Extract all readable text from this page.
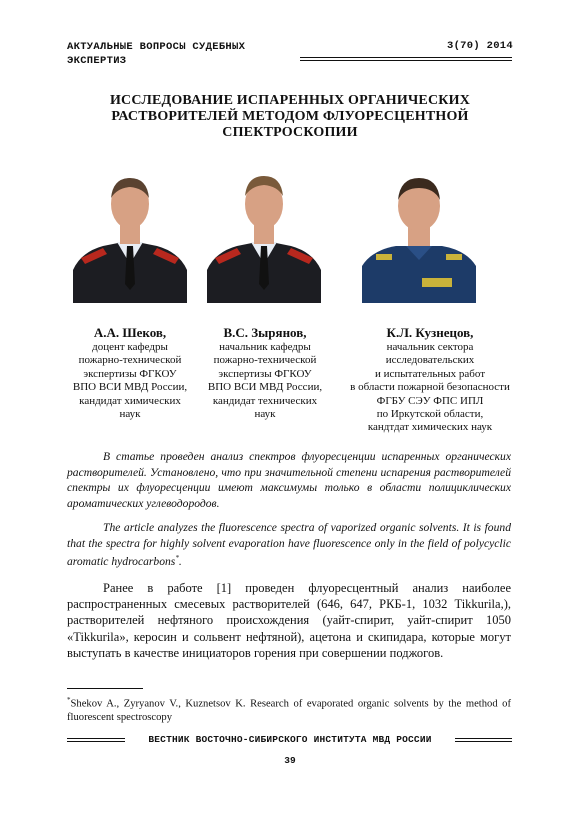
АКТУАЛЬНЫЕ ВОПРОСЫ СУДЕБНЫХ
ЭКСПЕРТИЗ
3(70) 2014
ИССЛЕДОВАНИЕ ИСПАРЕННЫХ ОРГАНИЧЕСКИХ
РАСТВОРИТЕЛЕЙ МЕТОДОМ ФЛУОРЕСЦЕНТНОЙ
СПЕКТРОСКОПИИ
А.А. Шеков,
доцент кафедры
пожарно-технической
экспертизы ФГКОУ
ВПО ВСИ МВД России,
кандидат химических
наук
В.С. Зырянов,
начальник кафедры
пожарно-технической
экспертизы ФГКОУ
ВПО ВСИ МВД России,
кандидат технических
наук
К.Л. Кузнецов,
начальник сектора
исследовательских
и испытательных работ
в области пожарной безопасности
ФГБУ СЭУ ФПС ИПЛ
по Иркутской области,
кандтдат химических наук
В статье проведен анализ спектров флуоресценции испаренных органических растворителей. Установлено, что при значительной степени испарения растворителей спектры их флуоресценции имеют максимумы только в области полициклических ароматических углеводородов.
The article analyzes the fluorescence spectra of vaporized organic solvents. It is found that the spectra for highly solvent evaporation have fluorescence only in the field of polycyclic aromatic hydrocarbons*.
Ранее в работе [1] проведен флуоресцентный анализ наиболее распространенных смесевых растворителей (646, 647, РКБ-1, 1032 Tikkurila,), растворителей нефтяного происхождения (уайт-спирит, уайт-спирит 1050 «Tikkurila», керосин и сольвент нефтяной), ацетона и скипидара, которые могут выступать в качестве инициаторов горения при совершении поджогов.
*Shekov A., Zyryanov V., Kuznetsov K. Research of evaporated organic solvents by the method of fluorescent spectroscopy
ВЕСТНИК ВОСТОЧНО-СИБИРСКОГО ИНСТИТУТА МВД РОССИИ
39
